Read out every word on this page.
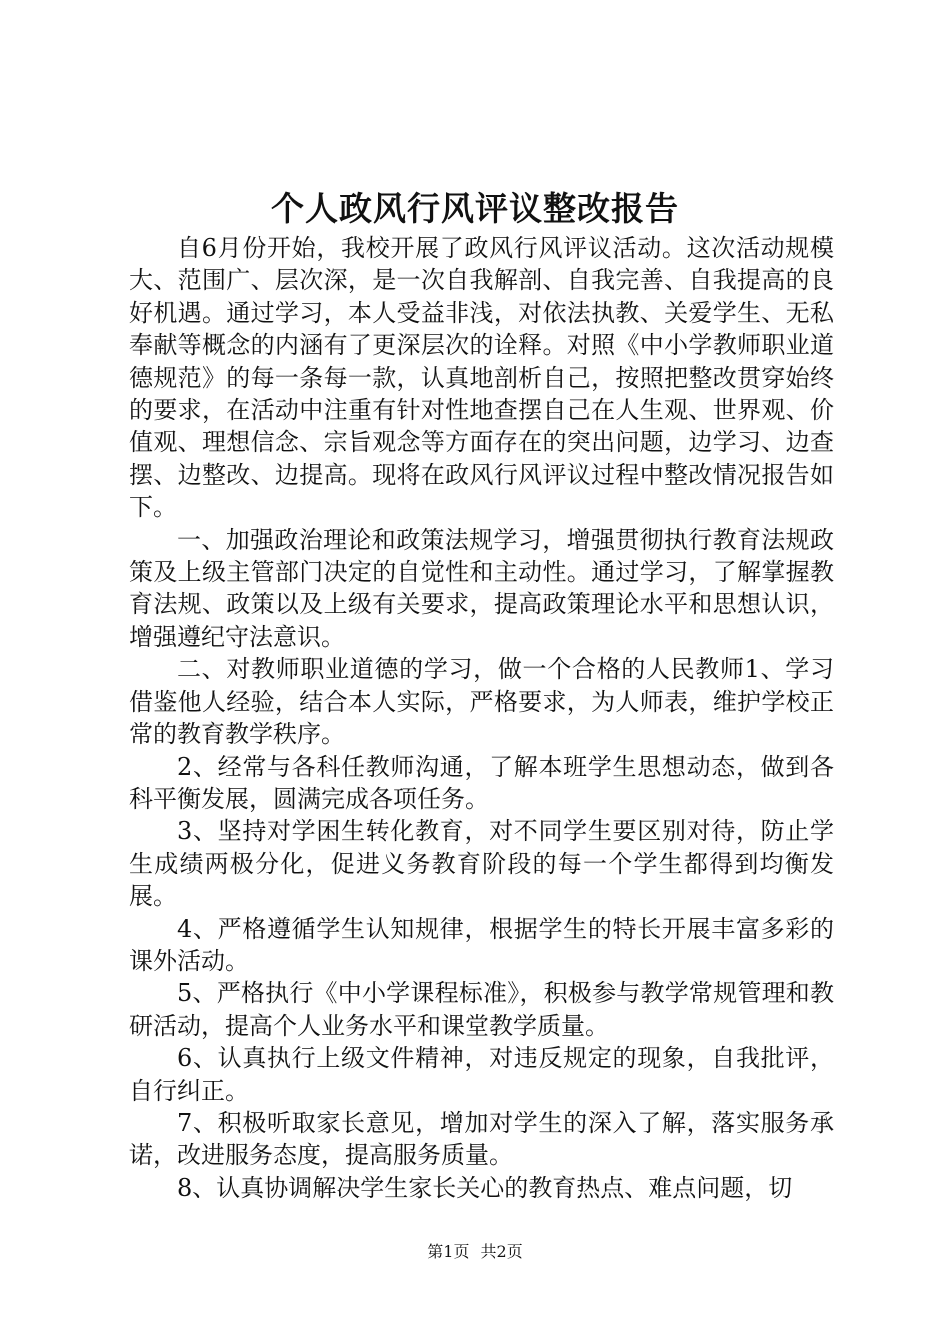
个人政风行风评议整改报告

自6月份开始，我校开展了政风行风评议活动。这次活动规模大、范围广、层次深，是一次自我解剖、自我完善、自我提高的良好机遇。通过学习，本人受益非浅，对依法执教、关爱学生、无私奉献等概念的内涵有了更深层次的诠释。对照《中小学教师职业道德规范》的每一条每一款，认真地剖析自己，按照把整改贯穿始终的要求，在活动中注重有针对性地查摆自己在人生观、世界观、价值观、理想信念、宗旨观念等方面存在的突出问题，边学习、边查摆、边整改、边提高。现将在政风行风评议过程中整改情况报告如下。

一、加强政治理论和政策法规学习，增强贯彻执行教育法规政策及上级主管部门决定的自觉性和主动性。通过学习，了解掌握教育法规、政策以及上级有关要求，提高政策理论水平和思想认识，增强遵纪守法意识。

二、对教师职业道德的学习，做一个合格的人民教师1、学习借鉴他人经验，结合本人实际，严格要求，为人师表，维护学校正常的教育教学秩序。

2、经常与各科任教师沟通，了解本班学生思想动态，做到各科平衡发展，圆满完成各项任务。

3、坚持对学困生转化教育，对不同学生要区别对待，防止学生成绩两极分化，促进义务教育阶段的每一个学生都得到均衡发展。

4、严格遵循学生认知规律，根据学生的特长开展丰富多彩的课外活动。

5、严格执行《中小学课程标准》，积极参与教学常规管理和教研活动，提高个人业务水平和课堂教学质量。

6、认真执行上级文件精神，对违反规定的现象，自我批评，自行纠正。

7、积极听取家长意见，增加对学生的深入了解，落实服务承诺，改进服务态度，提高服务质量。

8、认真协调解决学生家长关心的教育热点、难点问题，切

第1页 共2页
